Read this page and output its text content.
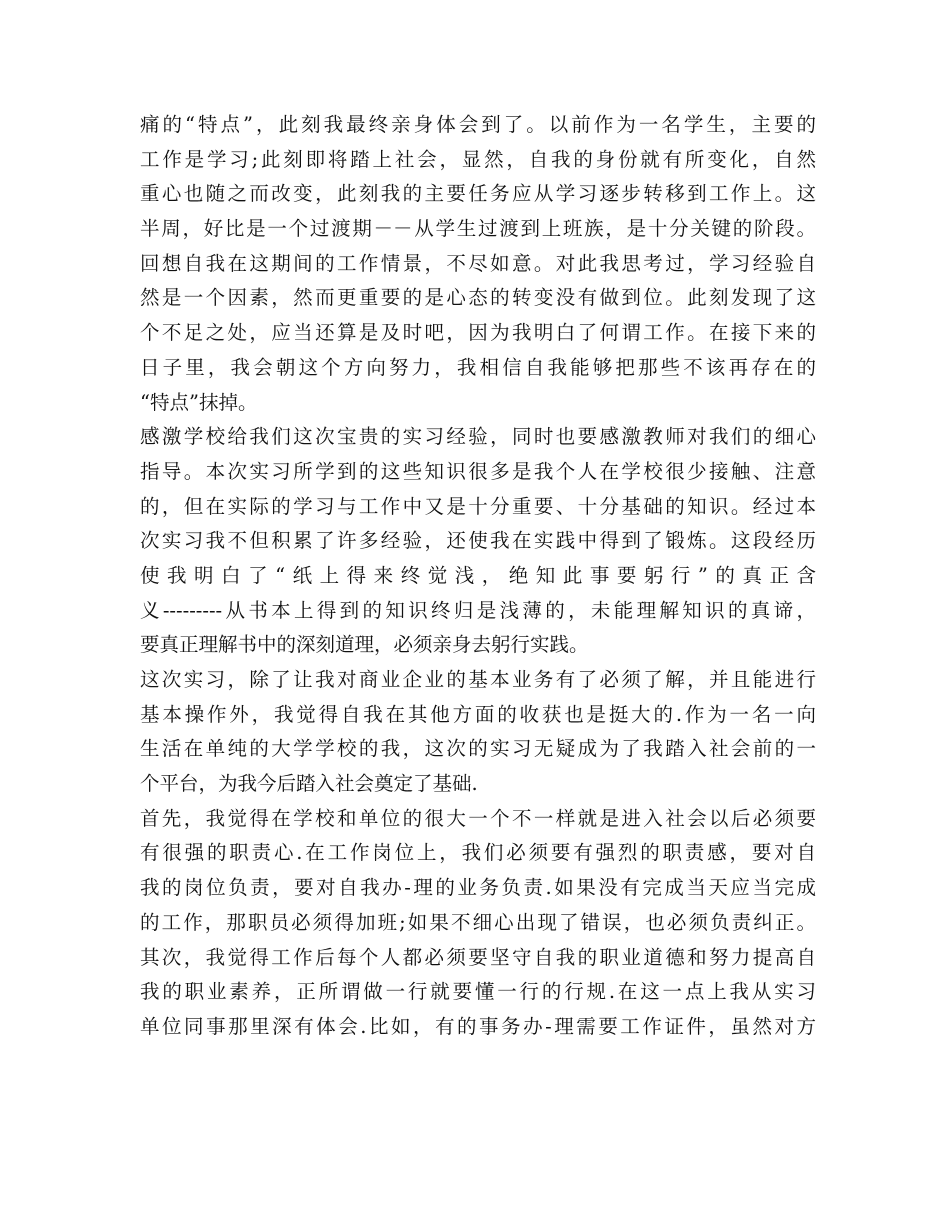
痛的“特点”，此刻我最终亲身体会到了。以前作为一名学生，主要的
工作是学习;此刻即将踏上社会，显然，自我的身份就有所变化，自然
重心也随之而改变，此刻我的主要任务应从学习逐步转移到工作上。这
半周，好比是一个过渡期－－从学生过渡到上班族，是十分关键的阶段。
回想自我在这期间的工作情景，不尽如意。对此我思考过，学习经验自
然是一个因素，然而更重要的是心态的转变没有做到位。此刻发现了这
个不足之处，应当还算是及时吧，因为我明白了何谓工作。在接下来的
日子里，我会朝这个方向努力，我相信自我能够把那些不该再存在的
“特点”抹掉。
感激学校给我们这次宝贵的实习经验，同时也要感激教师对我们的细心
指导。本次实习所学到的这些知识很多是我个人在学校很少接触、注意
的，但在实际的学习与工作中又是十分重要、十分基础的知识。经过本
次实习我不但积累了许多经验，还使我在实践中得到了锻炼。这段经历
使我明白了“纸上得来终觉浅，绝知此事要躬行”的真正含
义---------从书本上得到的知识终归是浅薄的，未能理解知识的真谛，
要真正理解书中的深刻道理，必须亲身去躬行实践。
这次实习，除了让我对商业企业的基本业务有了必须了解，并且能进行
基本操作外，我觉得自我在其他方面的收获也是挺大的.作为一名一向
生活在单纯的大学学校的我，这次的实习无疑成为了我踏入社会前的一
个平台，为我今后踏入社会奠定了基础.
首先，我觉得在学校和单位的很大一个不一样就是进入社会以后必须要
有很强的职责心.在工作岗位上，我们必须要有强烈的职责感，要对自
我的岗位负责，要对自我办-理的业务负责.如果没有完成当天应当完成
的工作，那职员必须得加班;如果不细心出现了错误，也必须负责纠正。
其次，我觉得工作后每个人都必须要坚守自我的职业道德和努力提高自
我的职业素养，正所谓做一行就要懂一行的行规.在这一点上我从实习
单位同事那里深有体会.比如，有的事务办-理需要工作证件，虽然对方
